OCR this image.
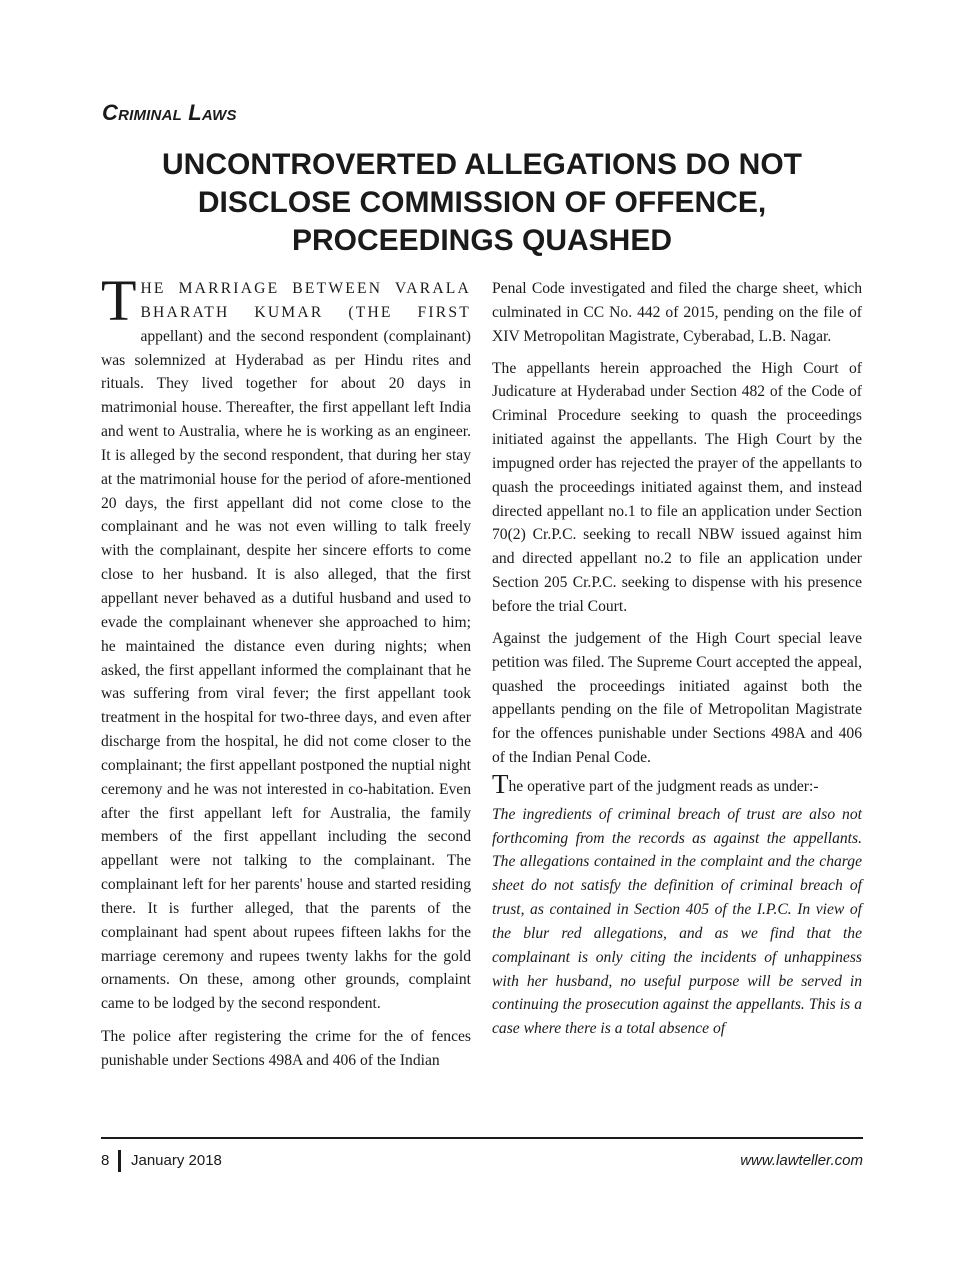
Criminal Laws
UNCONTROVERTED ALLEGATIONS DO NOT
DISCLOSE COMMISSION OF OFFENCE,
PROCEEDINGS QUASHED

THE MARRIAGE BETWEEN VARALA BHARATH KUMAR (THE FIRST appellant) and the second respondent (complainant) was solemnized at Hyderabad as per Hindu rites and rituals. They lived together for about 20 days in matrimonial house. Thereafter, the first appellant left India and went to Australia, where he is working as an engineer. It is alleged by the second respondent, that during her stay at the matrimonial house for the period of afore-mentioned 20 days, the first appellant did not come close to the complainant and he was not even willing to talk freely with the complainant, despite her sincere efforts to come close to her husband. It is also alleged, that the first appellant never behaved as a dutiful husband and used to evade the complainant whenever she approached to him; he maintained the distance even during nights; when asked, the first appellant informed the complainant that he was suffering from viral fever; the first appellant took treatment in the hospital for two-three days, and even after discharge from the hospital, he did not come closer to the complainant; the first appellant postponed the nuptial night ceremony and he was not interested in co-habitation. Even after the first appellant left for Australia, the family members of the first appellant including the second appellant were not talking to the complainant. The complainant left for her parents' house and started residing there. It is further alleged, that the parents of the complainant had spent about rupees fifteen lakhs for the marriage ceremony and rupees twenty lakhs for the gold ornaments. On these, among other grounds, complaint came to be lodged by the second respondent.

The police after registering the crime for the of fences punishable under Sections 498A and 406 of the Indian

Penal Code investigated and filed the charge sheet, which culminated in CC No. 442 of 2015, pending on the file of XIV Metropolitan Magistrate, Cyberabad, L.B. Nagar.

The appellants herein approached the High Court of Judicature at Hyderabad under Section 482 of the Code of Criminal Procedure seeking to quash the proceedings initiated against the appellants. The High Court by the impugned order has rejected the prayer of the appellants to quash the proceedings initiated against them, and instead directed appellant no.1 to file an application under Section 70(2) Cr.P.C. seeking to recall NBW issued against him and directed appellant no.2 to file an application under Section 205 Cr.P.C. seeking to dispense with his presence before the trial Court.

Against the judgement of the High Court special leave petition was filed. The Supreme Court accepted the appeal, quashed the proceedings initiated against both the appellants pending on the file of Metropolitan Magistrate for the offences punishable under Sections 498A and 406 of the Indian Penal Code.

The operative part of the judgment reads as under:-

The ingredients of criminal breach of trust are also not forthcoming from the records as against the appellants. The allegations contained in the complaint and the charge sheet do not satisfy the definition of criminal breach of trust, as contained in Section 405 of the I.P.C. In view of the blur red allegations, and as we find that the complainant is only citing the incidents of unhappiness with her husband, no useful purpose will be served in continuing the prosecution against the appellants. This is a case where there is a total absence of

8 January 2018	www.lawteller.com
